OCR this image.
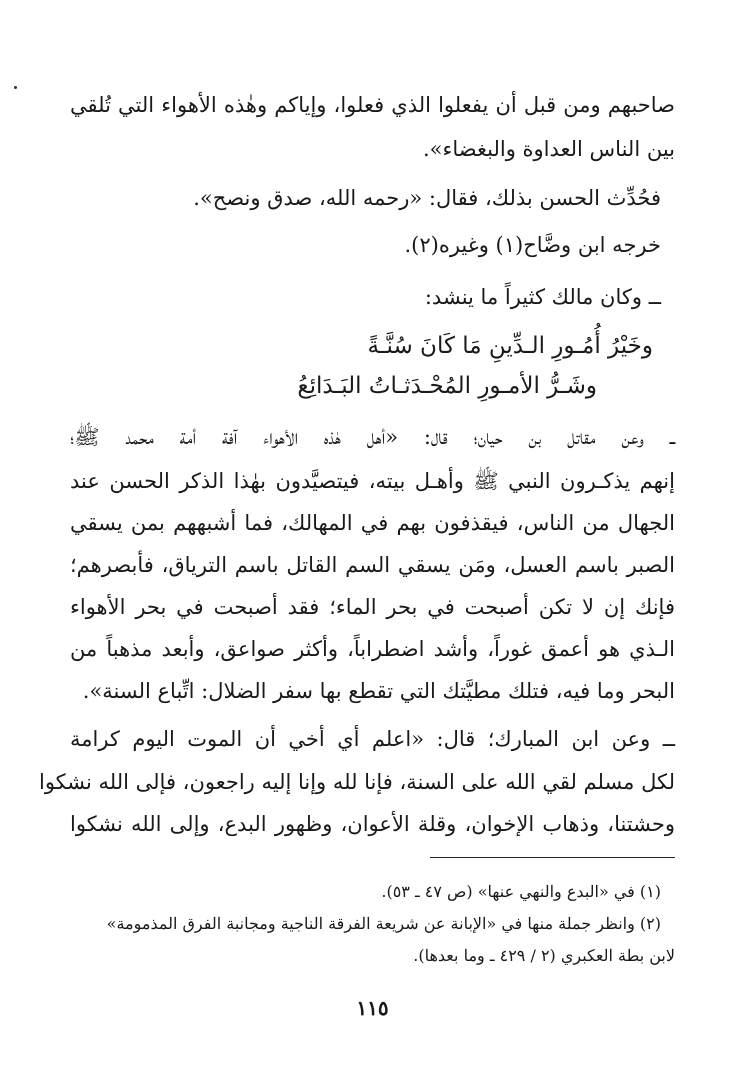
صاحبهم ومن قبل أن يفعلوا الذي فعلوا، وإياكم وهٰذه الأهواء التي تُلقي
بين الناس العداوة والبغضاء».
فحُدِّث الحسن بذلك، فقال: «رحمه الله، صدق ونصح».
خرجه ابن وضَّاح(١) وغيره(٢).
ــ وكان مالك كثيراً ما ينشد:
وخَيْرُ أُمُـورِ الـدِّينِ مَا كَانَ سُنَّـةً
وشَـرُّ الأمـورِ المُحْـدَثـاتُ البَـدَائِعُ
ــ وعن مقاتل بن حيان؛ قال: «أهل هٰذه الأهواء آفة أمة محمد ﷺ؛
إنهم يذكـرون النبي ﷺ وأهـل بيته، فيتصيَّدون بهٰذا الذكر الحسن عند
الجهال من الناس، فيقذفون بهم في المهالك، فما أشبههم بمن يسقي
الصبر باسم العسل، ومَن يسقي السم القاتل باسم الترياق، فأبصرهم؛
فإنك إن لا تكن أصبحت في بحر الماء؛ فقد أصبحت في بحر الأهواء
الـذي هو أعمق غوراً، وأشد اضطراباً، وأكثر صواعق، وأبعد مذهباً من
البحر وما فيه، فتلك مطيَّتك التي تقطع بها سفر الضلال: اتِّباع السنة».
ــ وعن ابن المبارك؛ قال: «اعلم أي أخي أن الموت اليوم كرامة
لكل مسلم لقي الله على السنة، فإنا لله وإنا إليه راجعون، فإلى الله نشكوا
وحشتنا، وذهاب الإخوان، وقلة الأعوان، وظهور البدع، وإلى الله نشكوا
(١) في «البدع والنهي عنها» (ص ٤٧ ـ ٥٣).
(٢) وانظر جملة منها في «الإبانة عن شريعة الفرقة الناجية ومجانبة الفرق المذمومة»
لابن بطة العكبري (٢ / ٤٢٩ ـ وما بعدها).
١١٥
